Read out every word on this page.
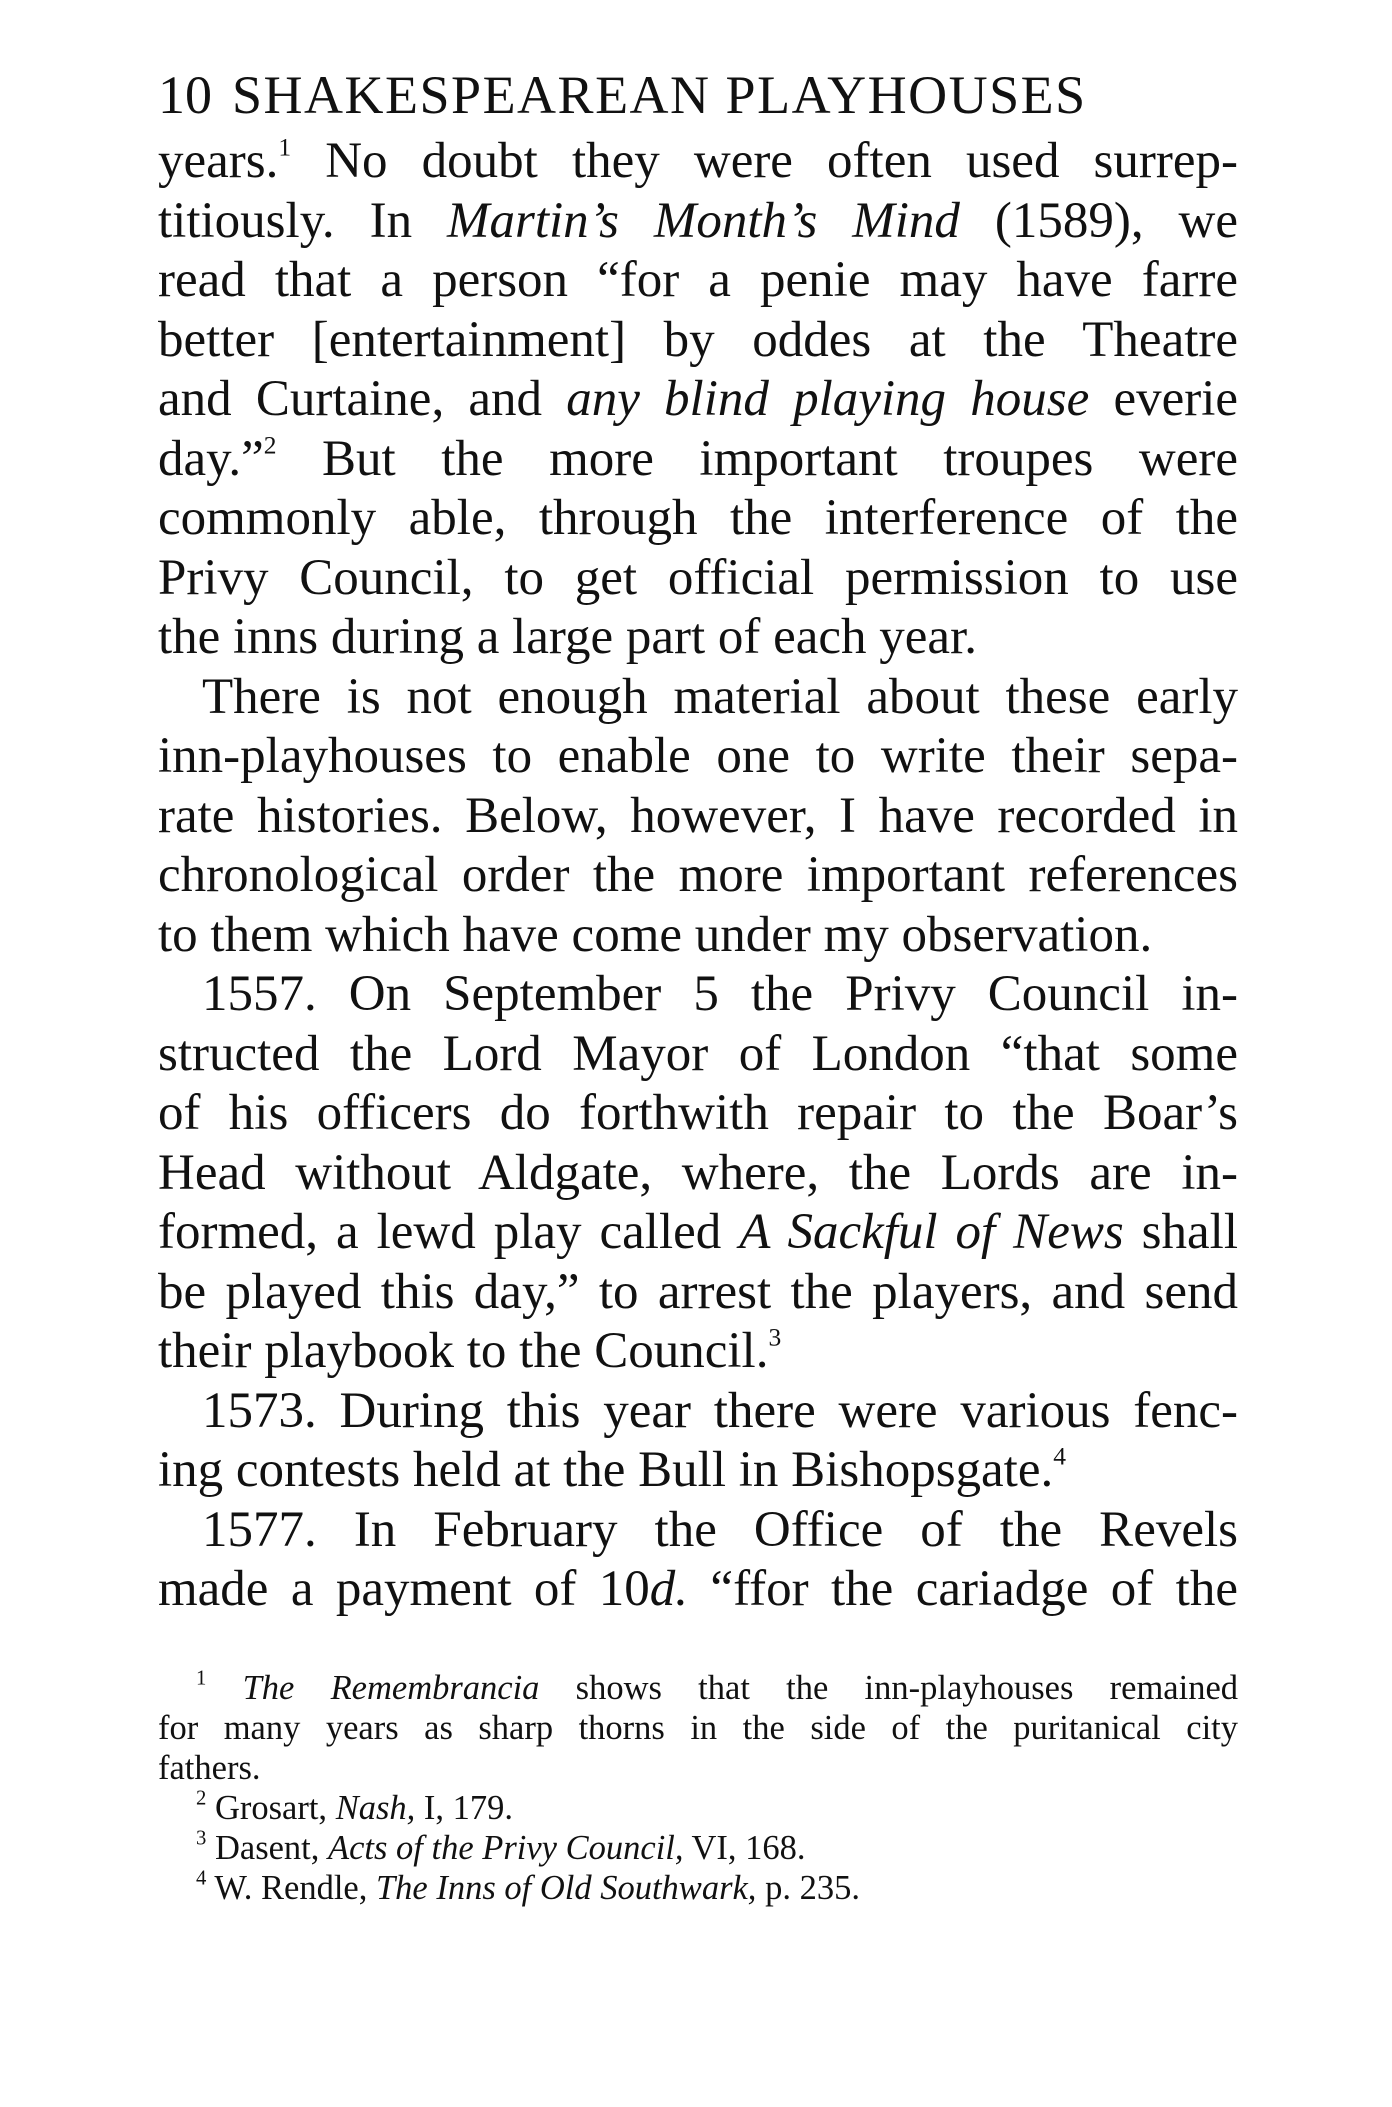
10 SHAKESPEAREAN PLAYHOUSES
years.$^1$ No doubt they were often used surrep-
titiously. In Martin’s Month’s Mind (1589), we
read that a person “for a penie may have farre
better [entertainment] by oddes at the Theatre
and Curtaine, and any blind playing house everie
day.”$^2$ But the more important troupes were
commonly able, through the interference of the
Privy Council, to get official permission to use
the inns during a large part of each year.
There is not enough material about these early
inn-playhouses to enable one to write their sepa-
rate histories. Below, however, I have recorded in
chronological order the more important references
to them which have come under my observation.
1557. On September 5 the Privy Council in-
structed the Lord Mayor of London “that some
of his officers do forthwith repair to the Boar’s
Head without Aldgate, where, the Lords are in-
formed, a lewd play called A Sackful of News shall
be played this day,” to arrest the players, and send
their playbook to the Council.$^3$
1573. During this year there were various fenc-
ing contests held at the Bull in Bishopsgate.$^4$
1577. In February the Office of the Revels
made a payment of 10d. “ffor the cariadge of the
$^1$ The Remembrancia shows that the inn-playhouses remained
for many years as sharp thorns in the side of the puritanical city
fathers.
$^2$ Grosart, Nash, I, 179.
$^3$ Dasent, Acts of the Privy Council, VI, 168.
$^4$ W. Rendle, The Inns of Old Southwark, p. 235.
